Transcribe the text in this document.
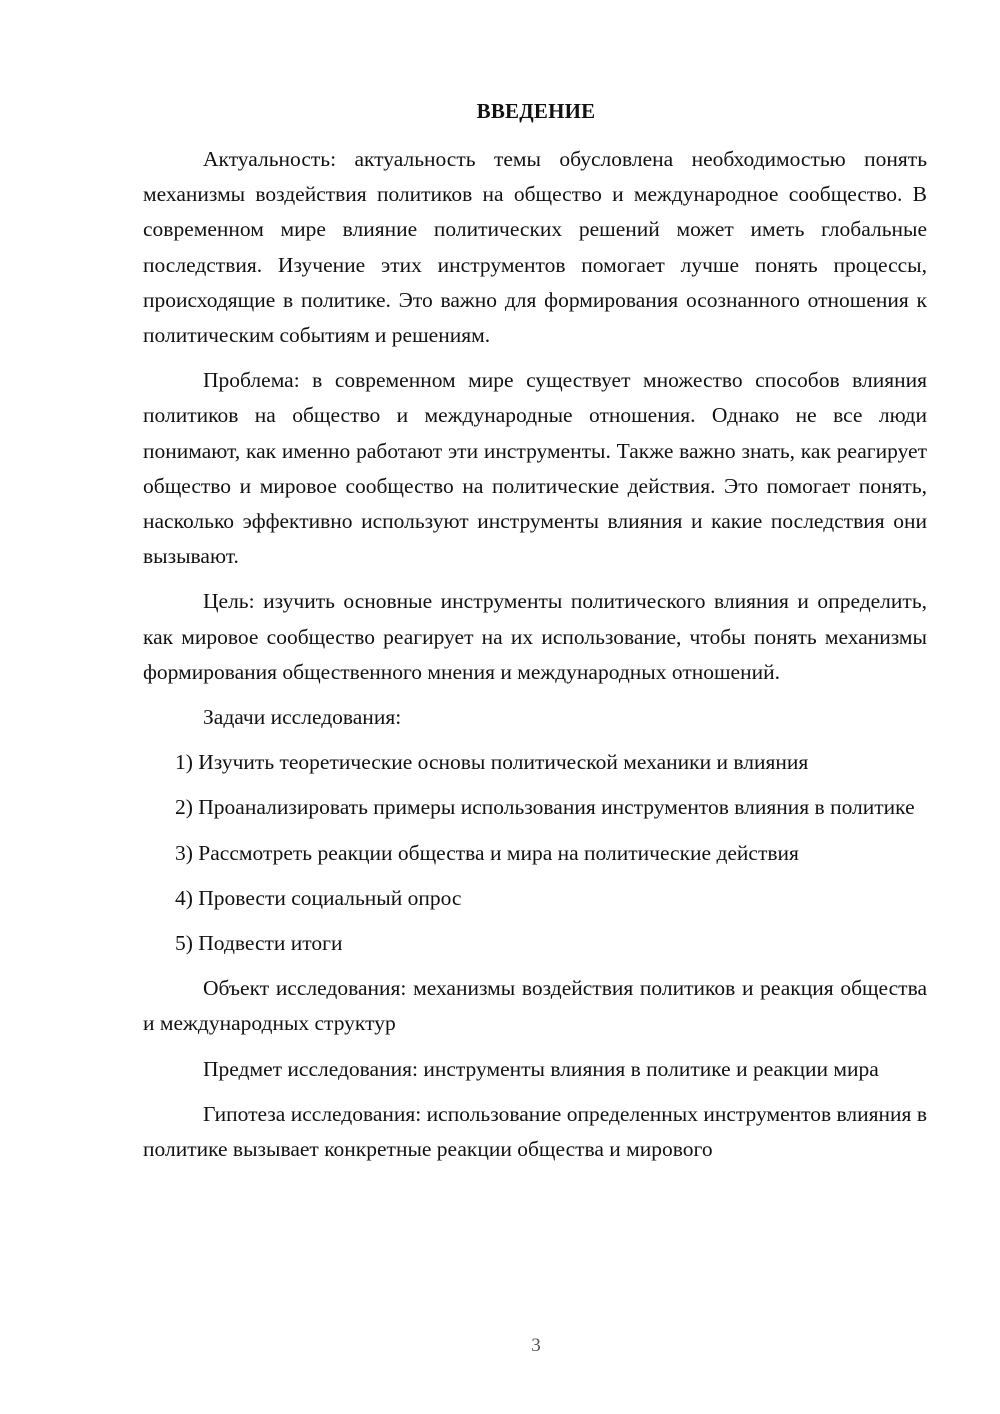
ВВЕДЕНИЕ

Актуальность: актуальность темы обусловлена необходимостью понять механизмы воздействия политиков на общество и международное сообщество. В современном мире влияние политических решений может иметь глобальные последствия. Изучение этих инструментов помогает лучше понять процессы, происходящие в политике. Это важно для формирования осознанного отношения к политическим событиям и решениям.

Проблема: в современном мире существует множество способов влияния политиков на общество и международные отношения. Однако не все люди понимают, как именно работают эти инструменты. Также важно знать, как реагирует общество и мировое сообщество на политические действия. Это помогает понять, насколько эффективно используют инструменты влияния и какие последствия они вызывают.

Цель: изучить основные инструменты политического влияния и определить, как мировое сообщество реагирует на их использование, чтобы понять механизмы формирования общественного мнения и международных отношений.

Задачи исследования:

1) Изучить теоретические основы политической механики и влияния

2) Проанализировать примеры использования инструментов влияния в политике

3) Рассмотреть реакции общества и мира на политические действия

4) Провести социальный опрос

5) Подвести итоги

Объект исследования: механизмы воздействия политиков и реакция общества и международных структур

Предмет исследования: инструменты влияния в политике и реакции мира

Гипотеза исследования: использование определенных инструментов влияния в политике вызывает конкретные реакции общества и мирового

3
